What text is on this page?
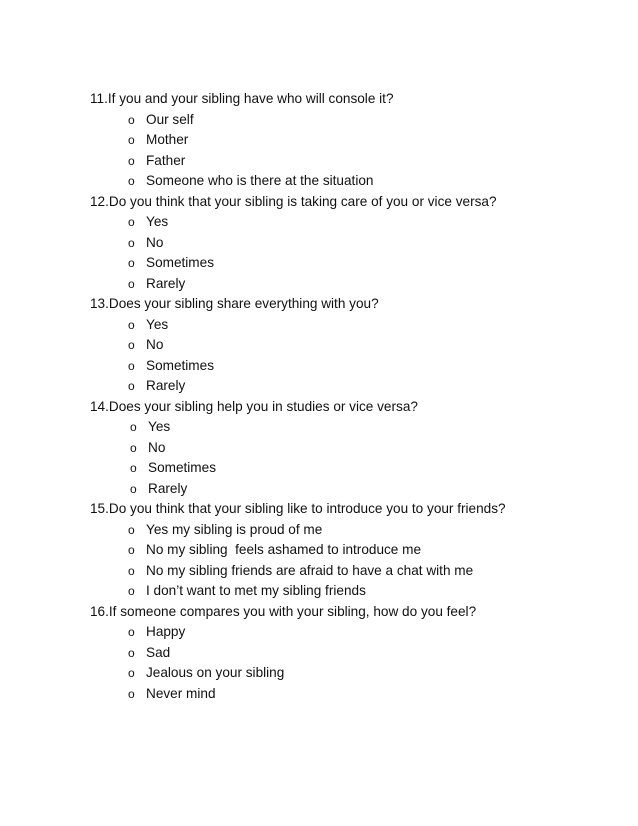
11.If you and your sibling have who will console it?
o Our self
o Mother
o Father
o Someone who is there at the situation
12.Do you think that your sibling is taking care of you or vice versa?
o Yes
o No
o Sometimes
o Rarely
13.Does your sibling share everything with you?
o Yes
o No
o Sometimes
o Rarely
14.Does your sibling help you in studies or vice versa?
o Yes
o No
o Sometimes
o Rarely
15.Do you think that your sibling like to introduce you to your friends?
o Yes my sibling is proud of me
o No my sibling  feels ashamed to introduce me
o No my sibling friends are afraid to have a chat with me
o I don’t want to met my sibling friends
16.If someone compares you with your sibling, how do you feel?
o Happy
o Sad
o Jealous on your sibling
o Never mind
